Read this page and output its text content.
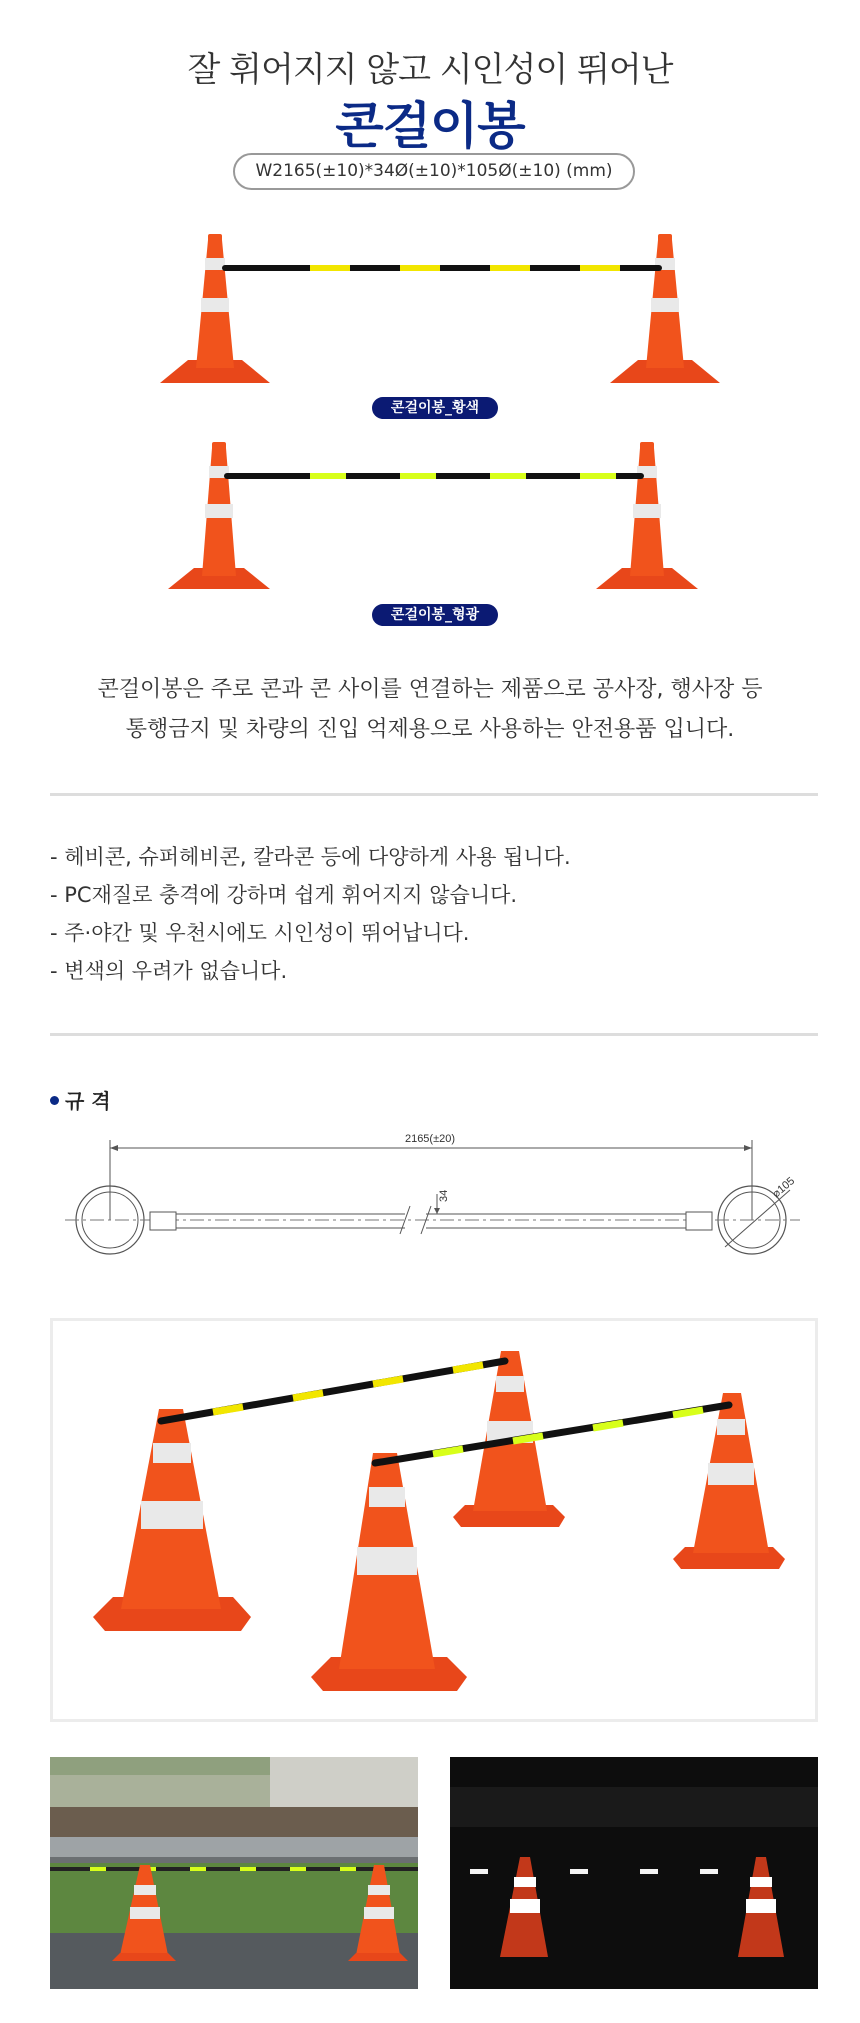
잘 휘어지지 않고 시인성이 뛰어난
콘걸이봉
W2165(±10)*34Ø(±10)*105Ø(±10) (mm)
콘걸이봉_황색
콘걸이봉_형광
콘걸이봉은 주로 콘과 콘 사이를 연결하는 제품으로 공사장, 행사장 등
통행금지 및 차량의 진입 억제용으로 사용하는 안전용품 입니다.
- 헤비콘, 슈퍼헤비콘, 칼라콘 등에 다양하게 사용 됩니다.
- PC재질로 충격에 강하며 쉽게 휘어지지 않습니다.
- 주·야간 및 우천시에도 시인성이 뛰어납니다.
- 변색의 우려가 없습니다.
규 격
2165(±20)
34	⌀105
